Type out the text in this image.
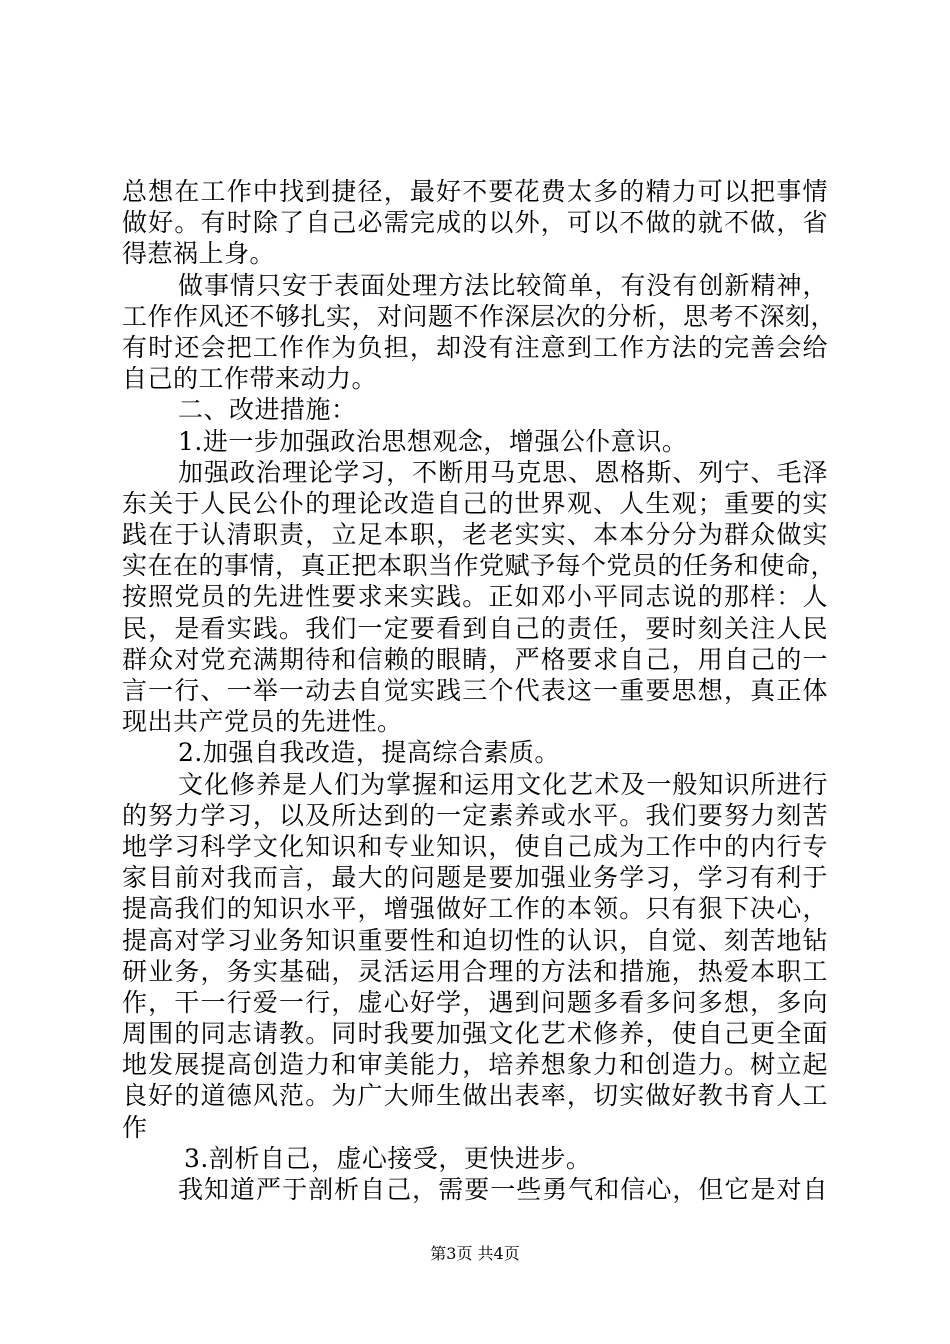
总想在工作中找到捷径，最好不要花费太多的精力可以把事情
做好。有时除了自己必需完成的以外，可以不做的就不做，省
得惹祸上身。
做事情只安于表面处理方法比较简单，有没有创新精神，
工作作风还不够扎实，对问题不作深层次的分析，思考不深刻，
有时还会把工作作为负担，却没有注意到工作方法的完善会给
自己的工作带来动力。
二、改进措施：
1.进一步加强政治思想观念，增强公仆意识。
加强政治理论学习，不断用马克思、恩格斯、列宁、毛泽
东关于人民公仆的理论改造自己的世界观、人生观；重要的实
践在于认清职责，立足本职，老老实实、本本分分为群众做实
实在在的事情，真正把本职当作党赋予每个党员的任务和使命，
按照党员的先进性要求来实践。正如邓小平同志说的那样：人
民，是看实践。我们一定要看到自己的责任，要时刻关注人民
群众对党充满期待和信赖的眼睛，严格要求自己，用自己的一
言一行、一举一动去自觉实践三个代表这一重要思想，真正体
现出共产党员的先进性。
2.加强自我改造，提高综合素质。
文化修养是人们为掌握和运用文化艺术及一般知识所进行
的努力学习，以及所达到的一定素养或水平。我们要努力刻苦
地学习科学文化知识和专业知识，使自己成为工作中的内行专
家目前对我而言，最大的问题是要加强业务学习，学习有利于
提高我们的知识水平，增强做好工作的本领。只有狠下决心，
提高对学习业务知识重要性和迫切性的认识，自觉、刻苦地钻
研业务，务实基础，灵活运用合理的方法和措施，热爱本职工
作，干一行爱一行，虚心好学，遇到问题多看多问多想，多向
周围的同志请教。同时我要加强文化艺术修养，使自己更全面
地发展提高创造力和审美能力，培养想象力和创造力。树立起
良好的道德风范。为广大师生做出表率，切实做好教书育人工
作
3.剖析自己，虚心接受，更快进步。
我知道严于剖析自己，需要一些勇气和信心，但它是对自
第3页 共4页
